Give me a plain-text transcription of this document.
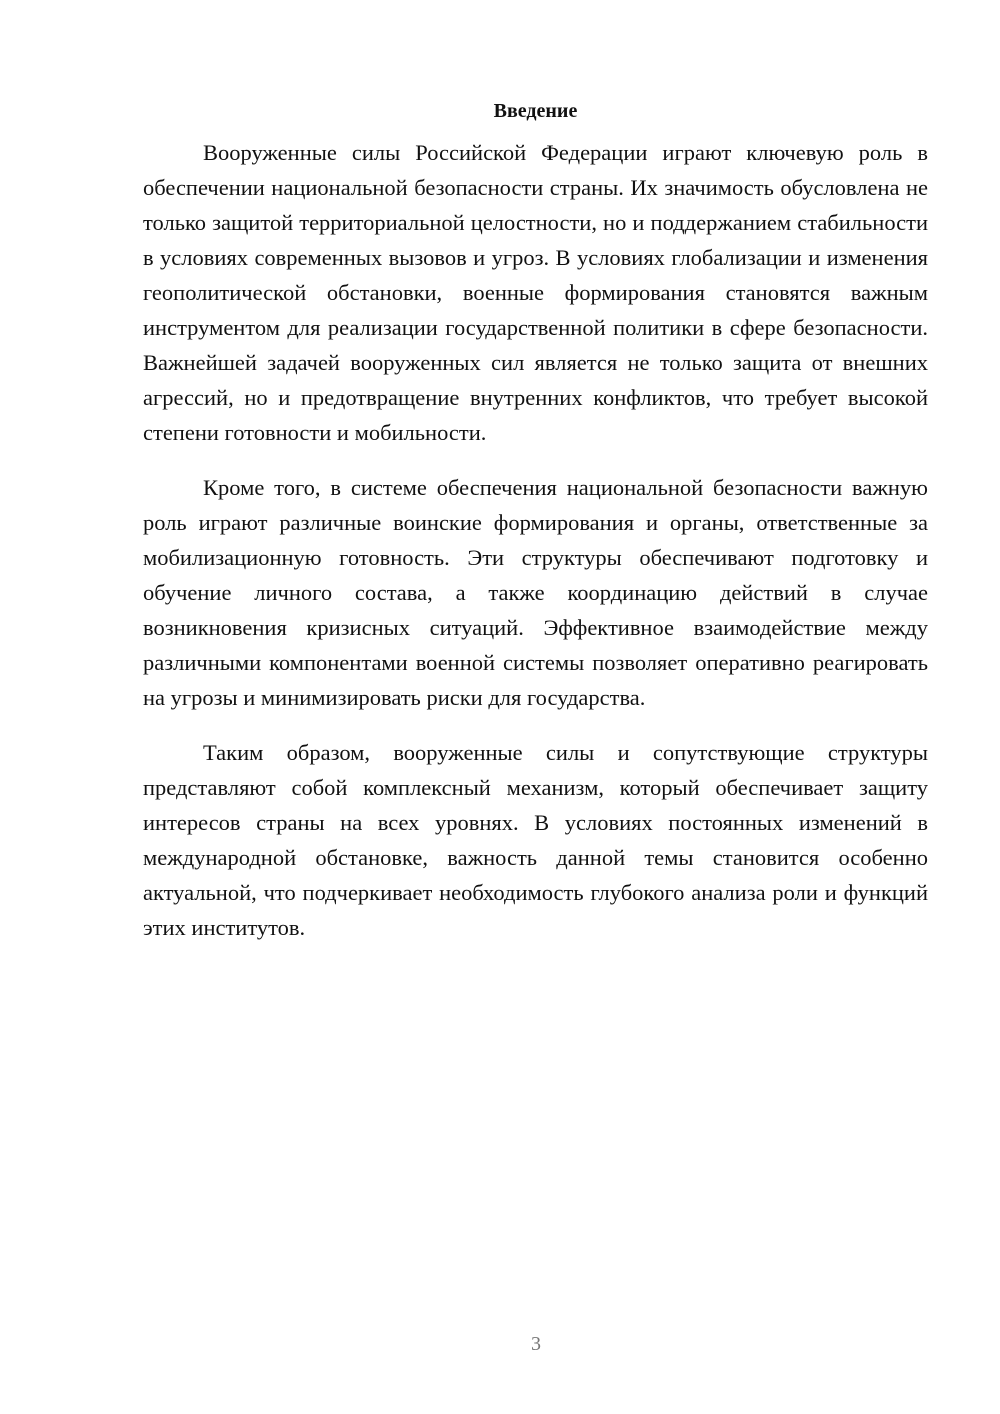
Введение

Вооруженные силы Российской Федерации играют ключевую роль в обеспечении национальной безопасности страны. Их значимость обусловлена не только защитой территориальной целостности, но и поддержанием стабильности в условиях современных вызовов и угроз. В условиях глобализации и изменения геополитической обстановки, военные формирования становятся важным инструментом для реализации государственной политики в сфере безопасности. Важнейшей задачей вооруженных сил является не только защита от внешних агрессий, но и предотвращение внутренних конфликтов, что требует высокой степени готовности и мобильности.

Кроме того, в системе обеспечения национальной безопасности важную роль играют различные воинские формирования и органы, ответственные за мобилизационную готовность. Эти структуры обеспечивают подготовку и обучение личного состава, а также координацию действий в случае возникновения кризисных ситуаций. Эффективное взаимодействие между различными компонентами военной системы позволяет оперативно реагировать на угрозы и минимизировать риски для государства.

Таким образом, вооруженные силы и сопутствующие структуры представляют собой комплексный механизм, который обеспечивает защиту интересов страны на всех уровнях. В условиях постоянных изменений в международной обстановке, важность данной темы становится особенно актуальной, что подчеркивает необходимость глубокого анализа роли и функций этих институтов.

3
